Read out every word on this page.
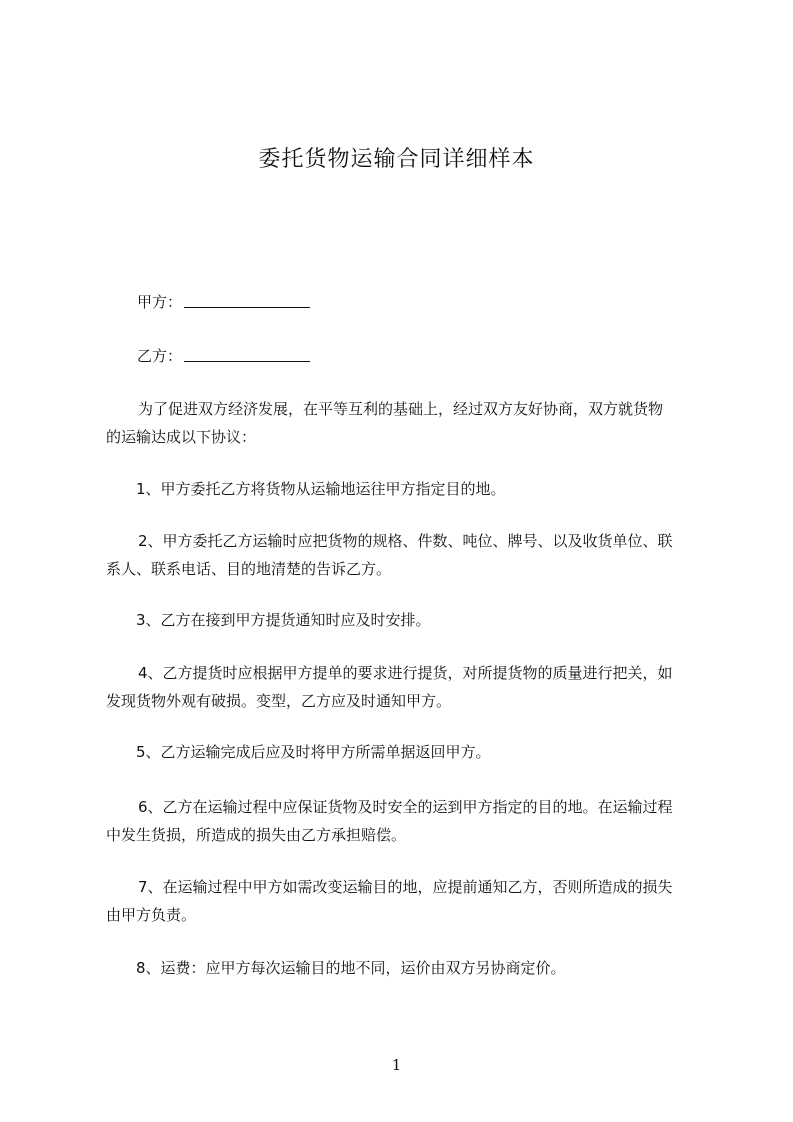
委托货物运输合同详细样本
甲方：
乙方：
为了促进双方经济发展，在平等互利的基础上，经过双方友好协商，双方就货物
的运输达成以下协议：
1、甲方委托乙方将货物从运输地运往甲方指定目的地。
2、甲方委托乙方运输时应把货物的规格、件数、吨位、牌号、以及收货单位、联
系人、联系电话、目的地清楚的告诉乙方。
3、乙方在接到甲方提货通知时应及时安排。
4、乙方提货时应根据甲方提单的要求进行提货，对所提货物的质量进行把关，如
发现货物外观有破损。变型，乙方应及时通知甲方。
5、乙方运输完成后应及时将甲方所需单据返回甲方。
6、乙方在运输过程中应保证货物及时安全的运到甲方指定的目的地。在运输过程
中发生货损，所造成的损失由乙方承担赔偿。
7、在运输过程中甲方如需改变运输目的地，应提前通知乙方，否则所造成的损失
由甲方负责。
8、运费：应甲方每次运输目的地不同，运价由双方另协商定价。
1
